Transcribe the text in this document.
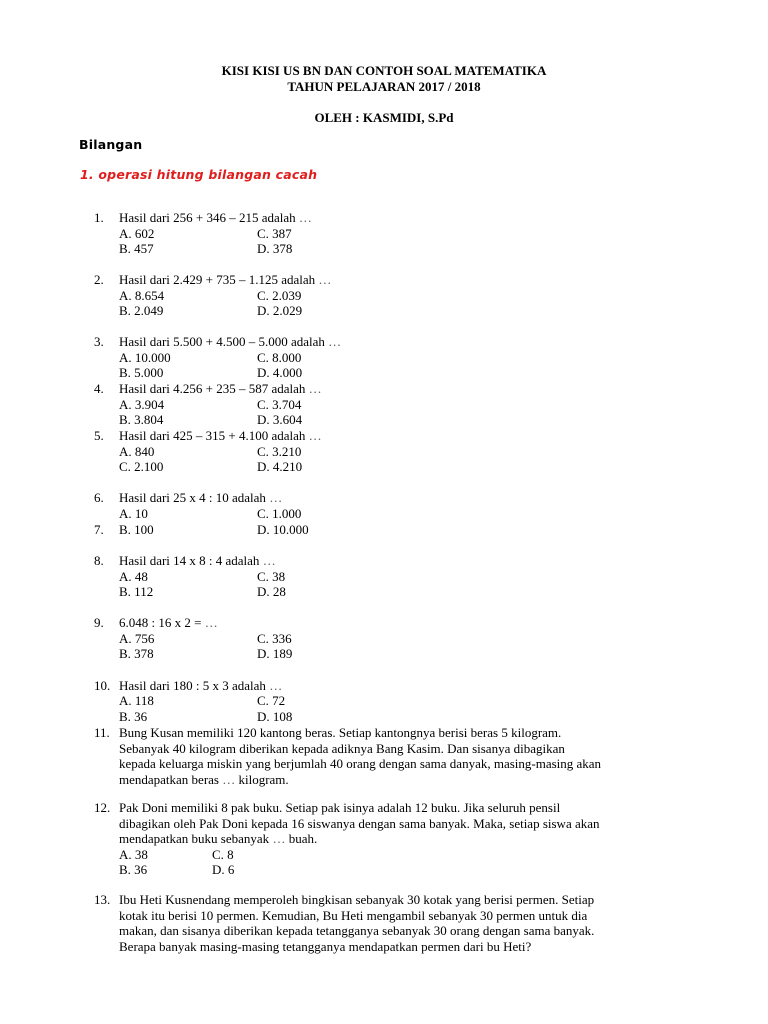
KISI KISI US BN DAN CONTOH SOAL MATEMATIKA
TAHUN PELAJARAN 2017 / 2018
OLEH : KASMIDI, S.Pd
Bilangan
1. operasi hitung bilangan cacah
1. Hasil dari 256 + 346 – 215 adalah …
A. 602	C. 387
B. 457	D. 378
2. Hasil dari 2.429 + 735 – 1.125 adalah …
A. 8.654	C. 2.039
B. 2.049	D. 2.029
3. Hasil dari 5.500 + 4.500 – 5.000 adalah …
A. 10.000	C. 8.000
B. 5.000	D. 4.000
4. Hasil dari 4.256 + 235 – 587 adalah …
A. 3.904	C. 3.704
B. 3.804	D. 3.604
5. Hasil dari 425 – 315 + 4.100 adalah …
A. 840	C. 3.210
C. 2.100	D. 4.210
6. Hasil dari 25 x 4 : 10 adalah …
A. 10	C. 1.000
7. B. 100	D. 10.000
8. Hasil dari 14 x 8 : 4 adalah …
A. 48	C. 38
B. 112	D. 28
9. 6.048 : 16 x 2 = …
A. 756	C. 336
B. 378	D. 189
10. Hasil dari 180 : 5 x 3 adalah …
A. 118	C. 72
B. 36	D. 108
11. Bung Kusan memiliki 120 kantong beras. Setiap kantongnya berisi beras 5 kilogram.
Sebanyak 40 kilogram diberikan kepada adiknya Bang Kasim. Dan sisanya dibagikan
kepada keluarga miskin yang berjumlah 40 orang dengan sama danyak, masing-masing akan
mendapatkan beras … kilogram.
12. Pak Doni memiliki 8 pak buku. Setiap pak isinya adalah 12 buku. Jika seluruh pensil
dibagikan oleh Pak Doni kepada 16 siswanya dengan sama banyak. Maka, setiap siswa akan
mendapatkan buku sebanyak … buah.
A. 38	C. 8
B. 36	D. 6
13. Ibu Heti Kusnendang memperoleh bingkisan sebanyak 30 kotak yang berisi permen. Setiap
kotak itu berisi 10 permen. Kemudian, Bu Heti mengambil sebanyak 30 permen untuk dia
makan, dan sisanya diberikan kepada tetangganya sebanyak 30 orang dengan sama banyak.
Berapa banyak masing-masing tetangganya mendapatkan permen dari bu Heti?
